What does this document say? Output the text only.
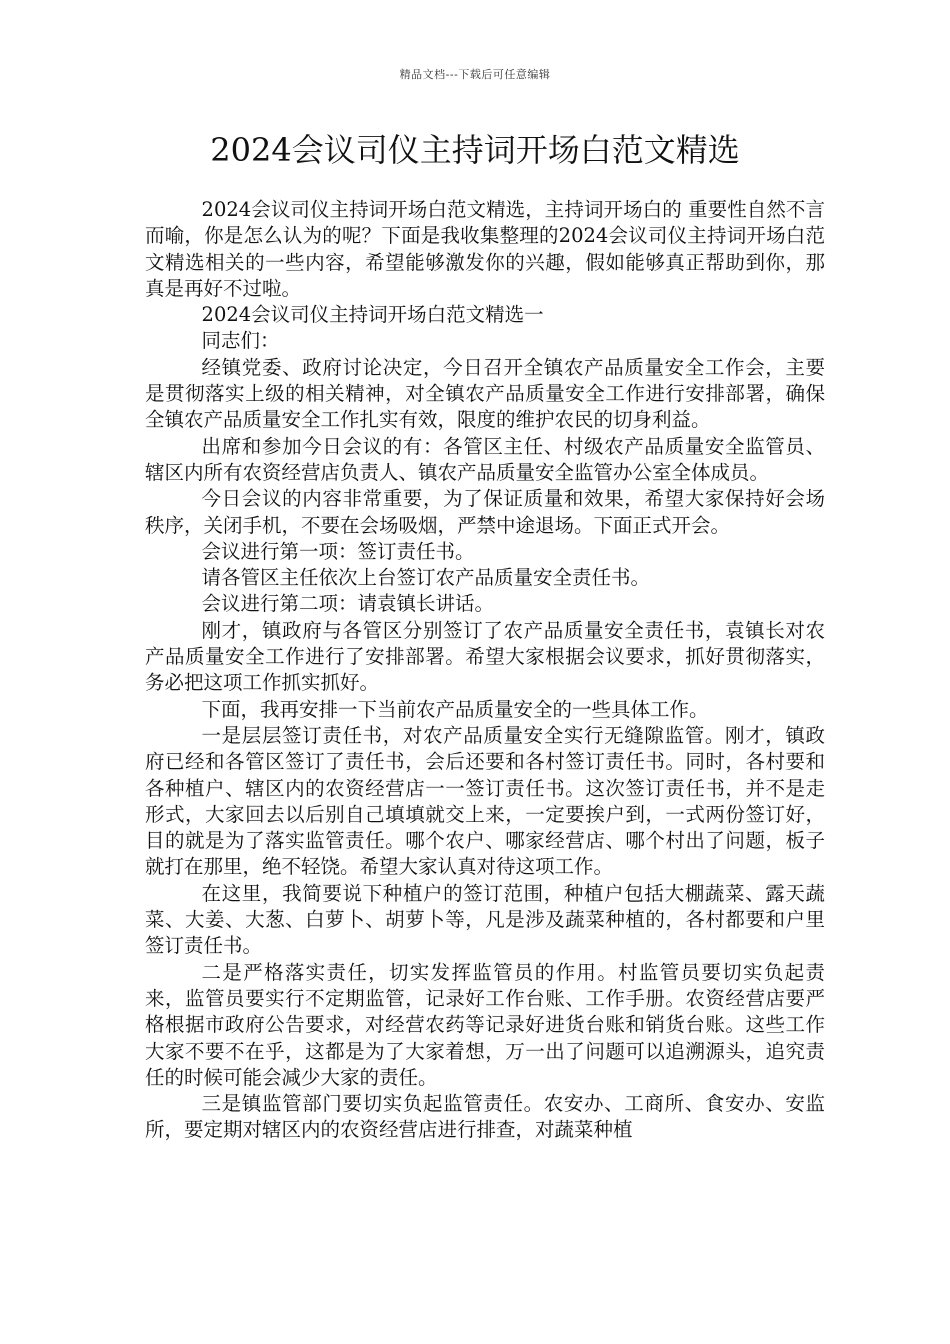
精品文档---下载后可任意编辑
2024会议司仪主持词开场白范文精选

2024会议司仪主持词开场白范文精选，主持词开场白的 重要性自然不言而喻，你是怎么认为的呢？下面是我收集整理的2024会议司仪主持词开场白范文精选相关的一些内容，希望能够激发你的兴趣，假如能够真正帮助到你，那真是再好不过啦。

2024会议司仪主持词开场白范文精选一

同志们：

经镇党委、政府讨论决定，今日召开全镇农产品质量安全工作会，主要是贯彻落实上级的相关精神，对全镇农产品质量安全工作进行安排部署，确保全镇农产品质量安全工作扎实有效，限度的维护农民的切身利益。

出席和参加今日会议的有：各管区主任、村级农产品质量安全监管员、辖区内所有农资经营店负责人、镇农产品质量安全监管办公室全体成员。

今日会议的内容非常重要，为了保证质量和效果，希望大家保持好会场秩序，关闭手机，不要在会场吸烟，严禁中途退场。下面正式开会。

会议进行第一项：签订责任书。

请各管区主任依次上台签订农产品质量安全责任书。

会议进行第二项：请袁镇长讲话。

刚才，镇政府与各管区分别签订了农产品质量安全责任书，袁镇长对农产品质量安全工作进行了安排部署。希望大家根据会议要求，抓好贯彻落实，务必把这项工作抓实抓好。

下面，我再安排一下当前农产品质量安全的一些具体工作。

一是层层签订责任书，对农产品质量安全实行无缝隙监管。刚才，镇政府已经和各管区签订了责任书，会后还要和各村签订责任书。同时，各村要和各种植户、辖区内的农资经营店一一签订责任书。这次签订责任书，并不是走形式，大家回去以后别自己填填就交上来，一定要挨户到，一式两份签订好，目的就是为了落实监管责任。哪个农户、哪家经营店、哪个村出了问题，板子就打在那里，绝不轻饶。希望大家认真对待这项工作。

在这里，我简要说下种植户的签订范围，种植户包括大棚蔬菜、露天蔬菜、大姜、大葱、白萝卜、胡萝卜等，凡是涉及蔬菜种植的，各村都要和户里签订责任书。

二是严格落实责任，切实发挥监管员的作用。村监管员要切实负起责来，监管员要实行不定期监管，记录好工作台账、工作手册。农资经营店要严格根据市政府公告要求，对经营农药等记录好进货台账和销货台账。这些工作大家不要不在乎，这都是为了大家着想，万一出了问题可以追溯源头，追究责任的时候可能会减少大家的责任。

三是镇监管部门要切实负起监管责任。农安办、工商所、食安办、安监所，要定期对辖区内的农资经营店进行排查，对蔬菜种植
